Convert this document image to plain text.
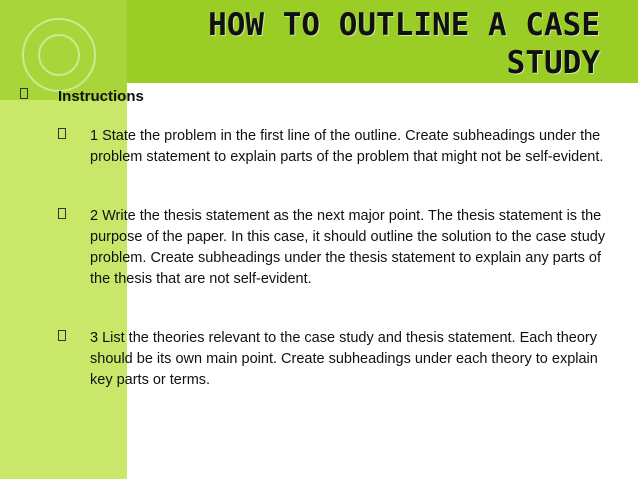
HOW TO OUTLINE A CASE
STUDY
Instructions
1 State the problem in the first line of the outline. Create subheadings under the problem statement to explain parts of the problem that might not be self-evident.
2 Write the thesis statement as the next major point. The thesis statement is the purpose of the paper. In this case, it should outline the solution to the case study problem. Create subheadings under the thesis statement to explain any parts of the thesis that are not self-evident.
3 List the theories relevant to the case study and thesis statement. Each theory should be its own main point. Create subheadings under each theory to explain key parts or terms.
